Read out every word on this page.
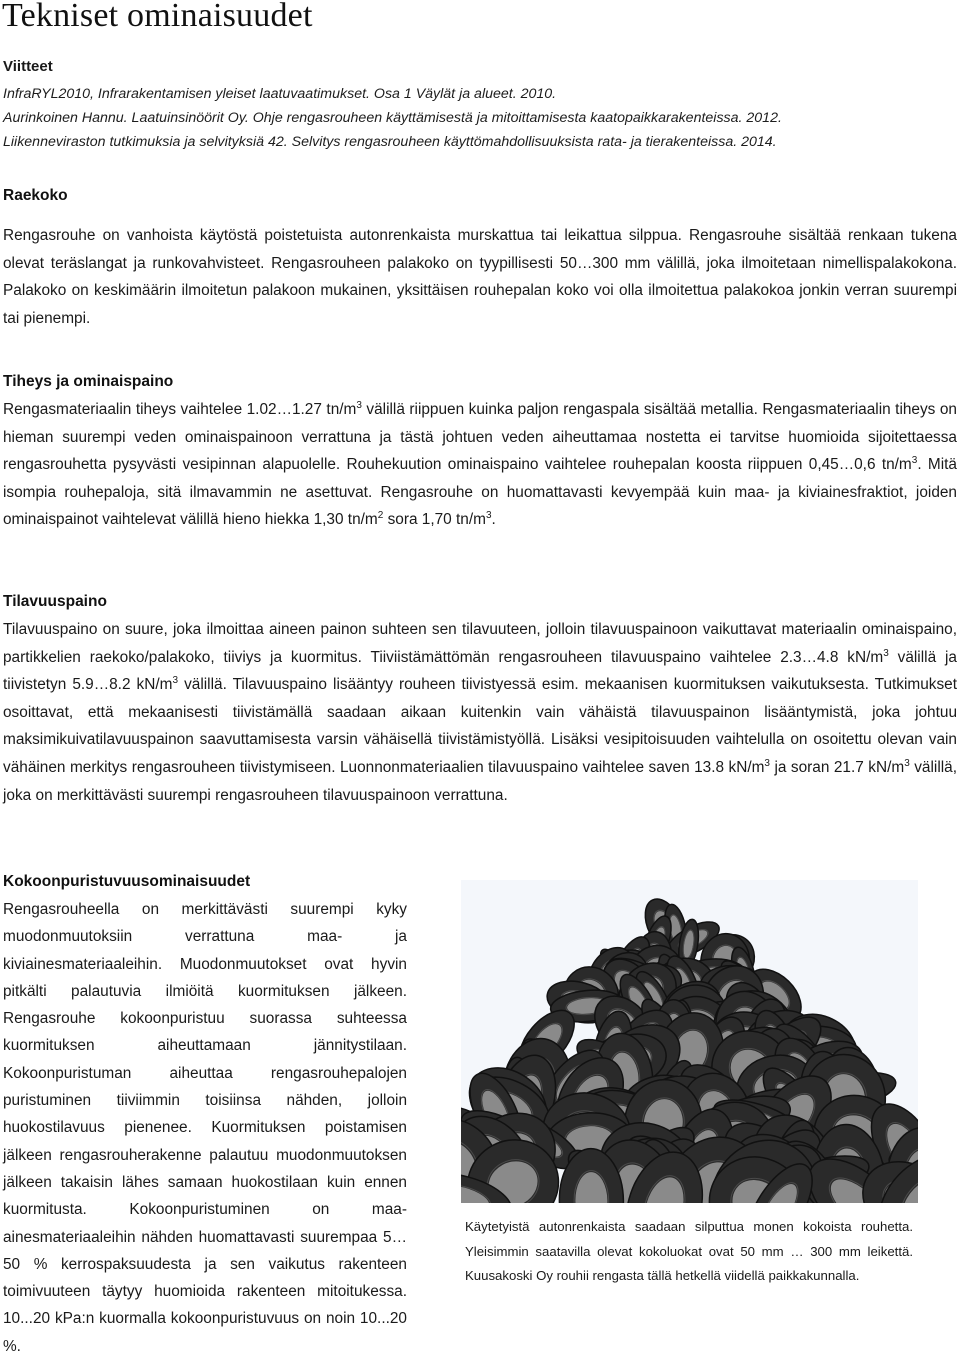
Tekniset ominaisuudet
Viitteet

InfraRYL2010, Infrarakentamisen yleiset laatuvaatimukset. Osa 1 Väylät ja alueet. 2010.

Aurinkoinen Hannu. Laatuinsinöörit Oy. Ohje rengasrouheen käyttämisestä ja mitoittamisesta kaatopaikkarakenteissa. 2012.

Liikenneviraston tutkimuksia ja selvityksiä 42. Selvitys rengasrouheen käyttömahdollisuuksista rata- ja tierakenteissa. 2014.

Raekoko

Rengasrouhe on vanhoista käytöstä poistetuista autonrenkaista murskattua tai leikattua silppua. Rengasrouhe sisältää renkaan tukena olevat teräslangat ja runkovahvisteet. Rengasrouheen palakoko on tyypillisesti 50…300 mm välillä, joka ilmoitetaan nimellispalakokona. Palakoko on keskimäärin ilmoitetun palakoon mukainen, yksittäisen rouhepalan koko voi olla ilmoitettua palakokoa jonkin verran suurempi tai pienempi.

Tiheys ja ominaispaino

Rengasmateriaalin tiheys vaihtelee 1.02…1.27 $tn/m^3$ välillä riippuen kuinka paljon rengaspala sisältää metallia. Rengasmateriaalin tiheys on hieman suurempi veden ominaispainoon verrattuna ja tästä johtuen veden aiheuttamaa nostetta ei tarvitse huomioida sijoitettaessa rengasrouhetta pysyvästi vesipinnan alapuolelle. Rouhekuution ominaispaino vaihtelee rouhepalan koosta riippuen 0,45…0,6 $tn/m^3$. Mitä isompia rouhepaloja, sitä ilmavammin ne asettuvat. Rengasrouhe on huomattavasti kevyempää kuin maa- ja kiviainesfraktiot, joiden ominaispainot vaihtelevat välillä hieno hiekka 1,30 $tn/m^2$ sora 1,70 $tn/m^3$.

Tilavuuspaino

Tilavuuspaino on suure, joka ilmoittaa aineen painon suhteen sen tilavuuteen, jolloin tilavuuspainoon vaikuttavat materiaalin ominaispaino, partikkelien raekoko/palakoko, tiiviys ja kuormitus. Tiiviistämättömän rengasrouheen tilavuuspaino vaihtelee 2.3…4.8 $kN/m^3$ välillä ja tiivistetyn 5.9…8.2 $kN/m^3$ välillä. Tilavuuspaino lisääntyy rouheen tiivistyessä esim. mekaanisen kuormituksen vaikutuksesta. Tutkimukset osoittavat, että mekaanisesti tiivistämällä saadaan aikaan kuitenkin vain vähäistä tilavuuspainon lisääntymistä, joka johtuu maksimikuivatilavuuspainon saavuttamisesta varsin vähäisellä tiivistämistyöllä. Lisäksi vesipitoisuuden vaihtelulla on osoitettu olevan vain vähäinen merkitys rengasrouheen tiivistymiseen. Luonnonmateriaalien tilavuuspaino vaihtelee saven 13.8 $kN/m^3$ ja soran 21.7 $kN/m^3$ välillä, joka on merkittävästi suurempi rengasrouheen tilavuuspainoon verrattuna.

Kokoonpuristuvuusominaisuudet

Rengasrouheella on merkittävästi suurempi kyky muodonmuutoksiin verrattuna maa- ja kiviainesmateriaaleihin. Muodonmuutokset ovat hyvin pitkälti palautuvia ilmiöitä kuormituksen jälkeen. Rengasrouhe kokoonpuristuu suorassa suhteessa kuormituksen aiheuttamaan jännitystilaan. Kokoonpuristuman aiheuttaa rengasrouhepalojen puristuminen tiiviimmin toisiinsa nähden, jolloin huokostilavuus pienenee. Kuormituksen poistamisen jälkeen rengasrouherakenne palautuu muodonmuutoksen jälkeen takaisin lähes samaan huokostilaan kuin ennen kuormitusta. Kokoonpuristuminen on maa-ainesmateriaaleihin nähden huomattavasti suurempaa 5…50 % kerrospaksuudesta ja sen vaikutus rakenteen toimivuuteen täytyy huomioida rakenteen mitoitukessa. 10...20 kPa:n kuormalla kokoonpuristuvuus on noin 10...20 %.

Käytetyistä autonrenkaista saadaan silputtua monen kokoista rouhetta. Yleisimmin saatavilla olevat kokoluokat ovat 50 mm … 300 mm leikettä. Kuusakoski Oy rouhii rengasta tällä hetkellä viidellä paikkakunnalla.
